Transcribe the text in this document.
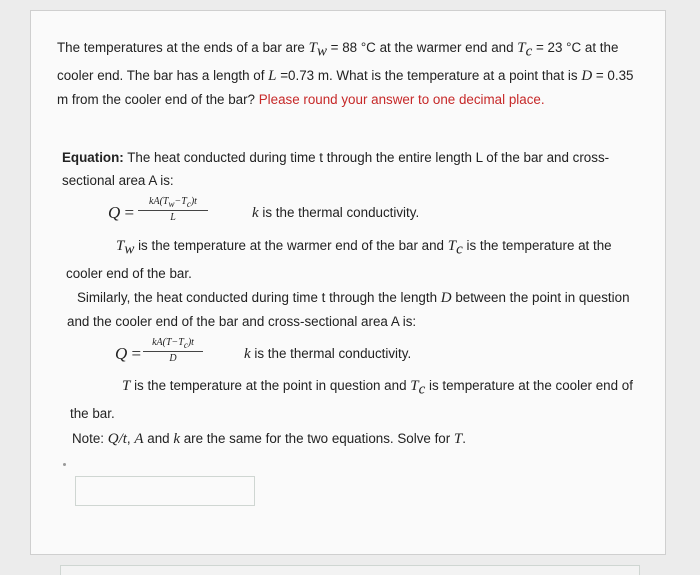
The temperatures at the ends of a bar are $T_w = 88$ °C at the warmer end and $T_c = 23$ °C at the
cooler end. The bar has a length of L =0.73 m. What is the temperature at a point that is D = 0.35
m from the cooler end of the bar? Please round your answer to one decimal place.
Equation: The heat conducted during time t through the entire length L of the bar and cross-
sectional area A is:
$Q = \frac{kA(T_w-T_c)t}{L}$	k is the thermal conductivity.
$T_w$ is the temperature at the warmer end of the bar and $T_c$ is the temperature at the
cooler end of the bar.
Similarly, the heat conducted during time t through the length D between the point in question
and the cooler end of the bar and cross-sectional area A is:
$Q = \frac{kA(T-T_c)t}{D}$	k is the thermal conductivity.
T is the temperature at the point in question and $T_c$ is temperature at the cooler end of
the bar.
Note: Q/t, A and k are the same for the two equations. Solve for T.
